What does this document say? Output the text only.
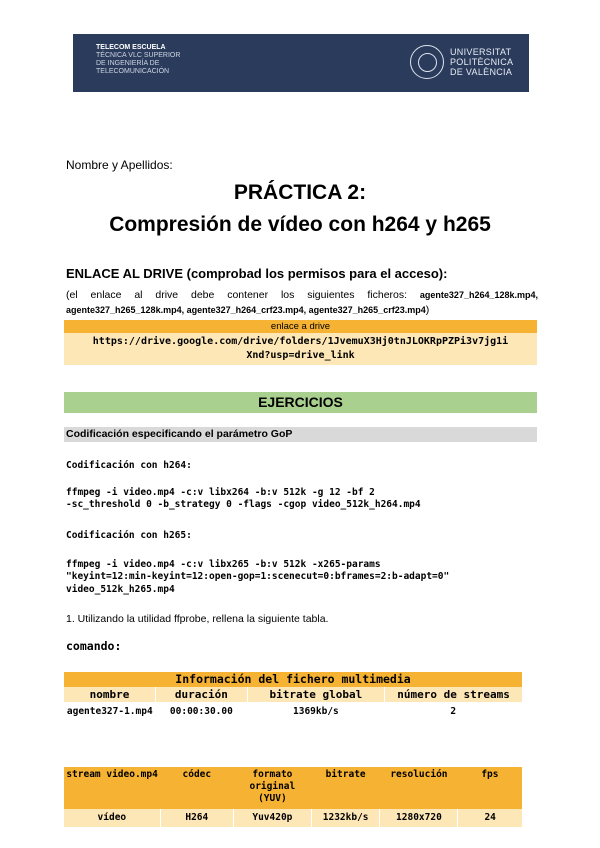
TELECOM ESCUELA
TÉCNICA VLC SUPERIOR
DE INGENIERÍA DE
TELECOMUNICACIÓN
UNIVERSITAT
POLITÈCNICA
DE VALÈNCIA
Nombre y Apellidos:
PRÁCTICA 2:
Compresión de vídeo con h264 y h265
ENLACE AL DRIVE (comprobad los permisos para el acceso):
(el enlace al drive debe contener los siguientes ficheros: agente327_h264_128k.mp4, agente327_h265_128k.mp4, agente327_h264_crf23.mp4, agente327_h265_crf23.mp4)
enlace a drive
https://drive.google.com/drive/folders/1JvemuX3Hj0tnJLOKRpPZPi3v7jg1i
Xnd?usp=drive_link
EJERCICIOS
Codificación especificando el parámetro GoP
Codificación con h264:
ffmpeg -i video.mp4 -c:v libx264 -b:v 512k -g 12 -bf 2
-sc_threshold 0 -b_strategy 0 -flags -cgop video_512k_h264.mp4
Codificación con h265:
ffmpeg -i video.mp4 -c:v libx265 -b:v 512k -x265-params
"keyint=12:min-keyint=12:open-gop=1:scenecut=0:bframes=2:b-adapt=0"
video_512k_h265.mp4
1. Utilizando la utilidad ffprobe, rellena la siguiente tabla.
comando:
Información del fichero multimedia			
nombre	duración	bitrate global	número de streams
agente327-1.mp4	00:00:30.00	1369kb/s	2
stream video.mp4	códec	formato original (YUV)	bitrate	resolución	fps
vídeo	H264	Yuv420p	1232kb/s	1280x720	24
